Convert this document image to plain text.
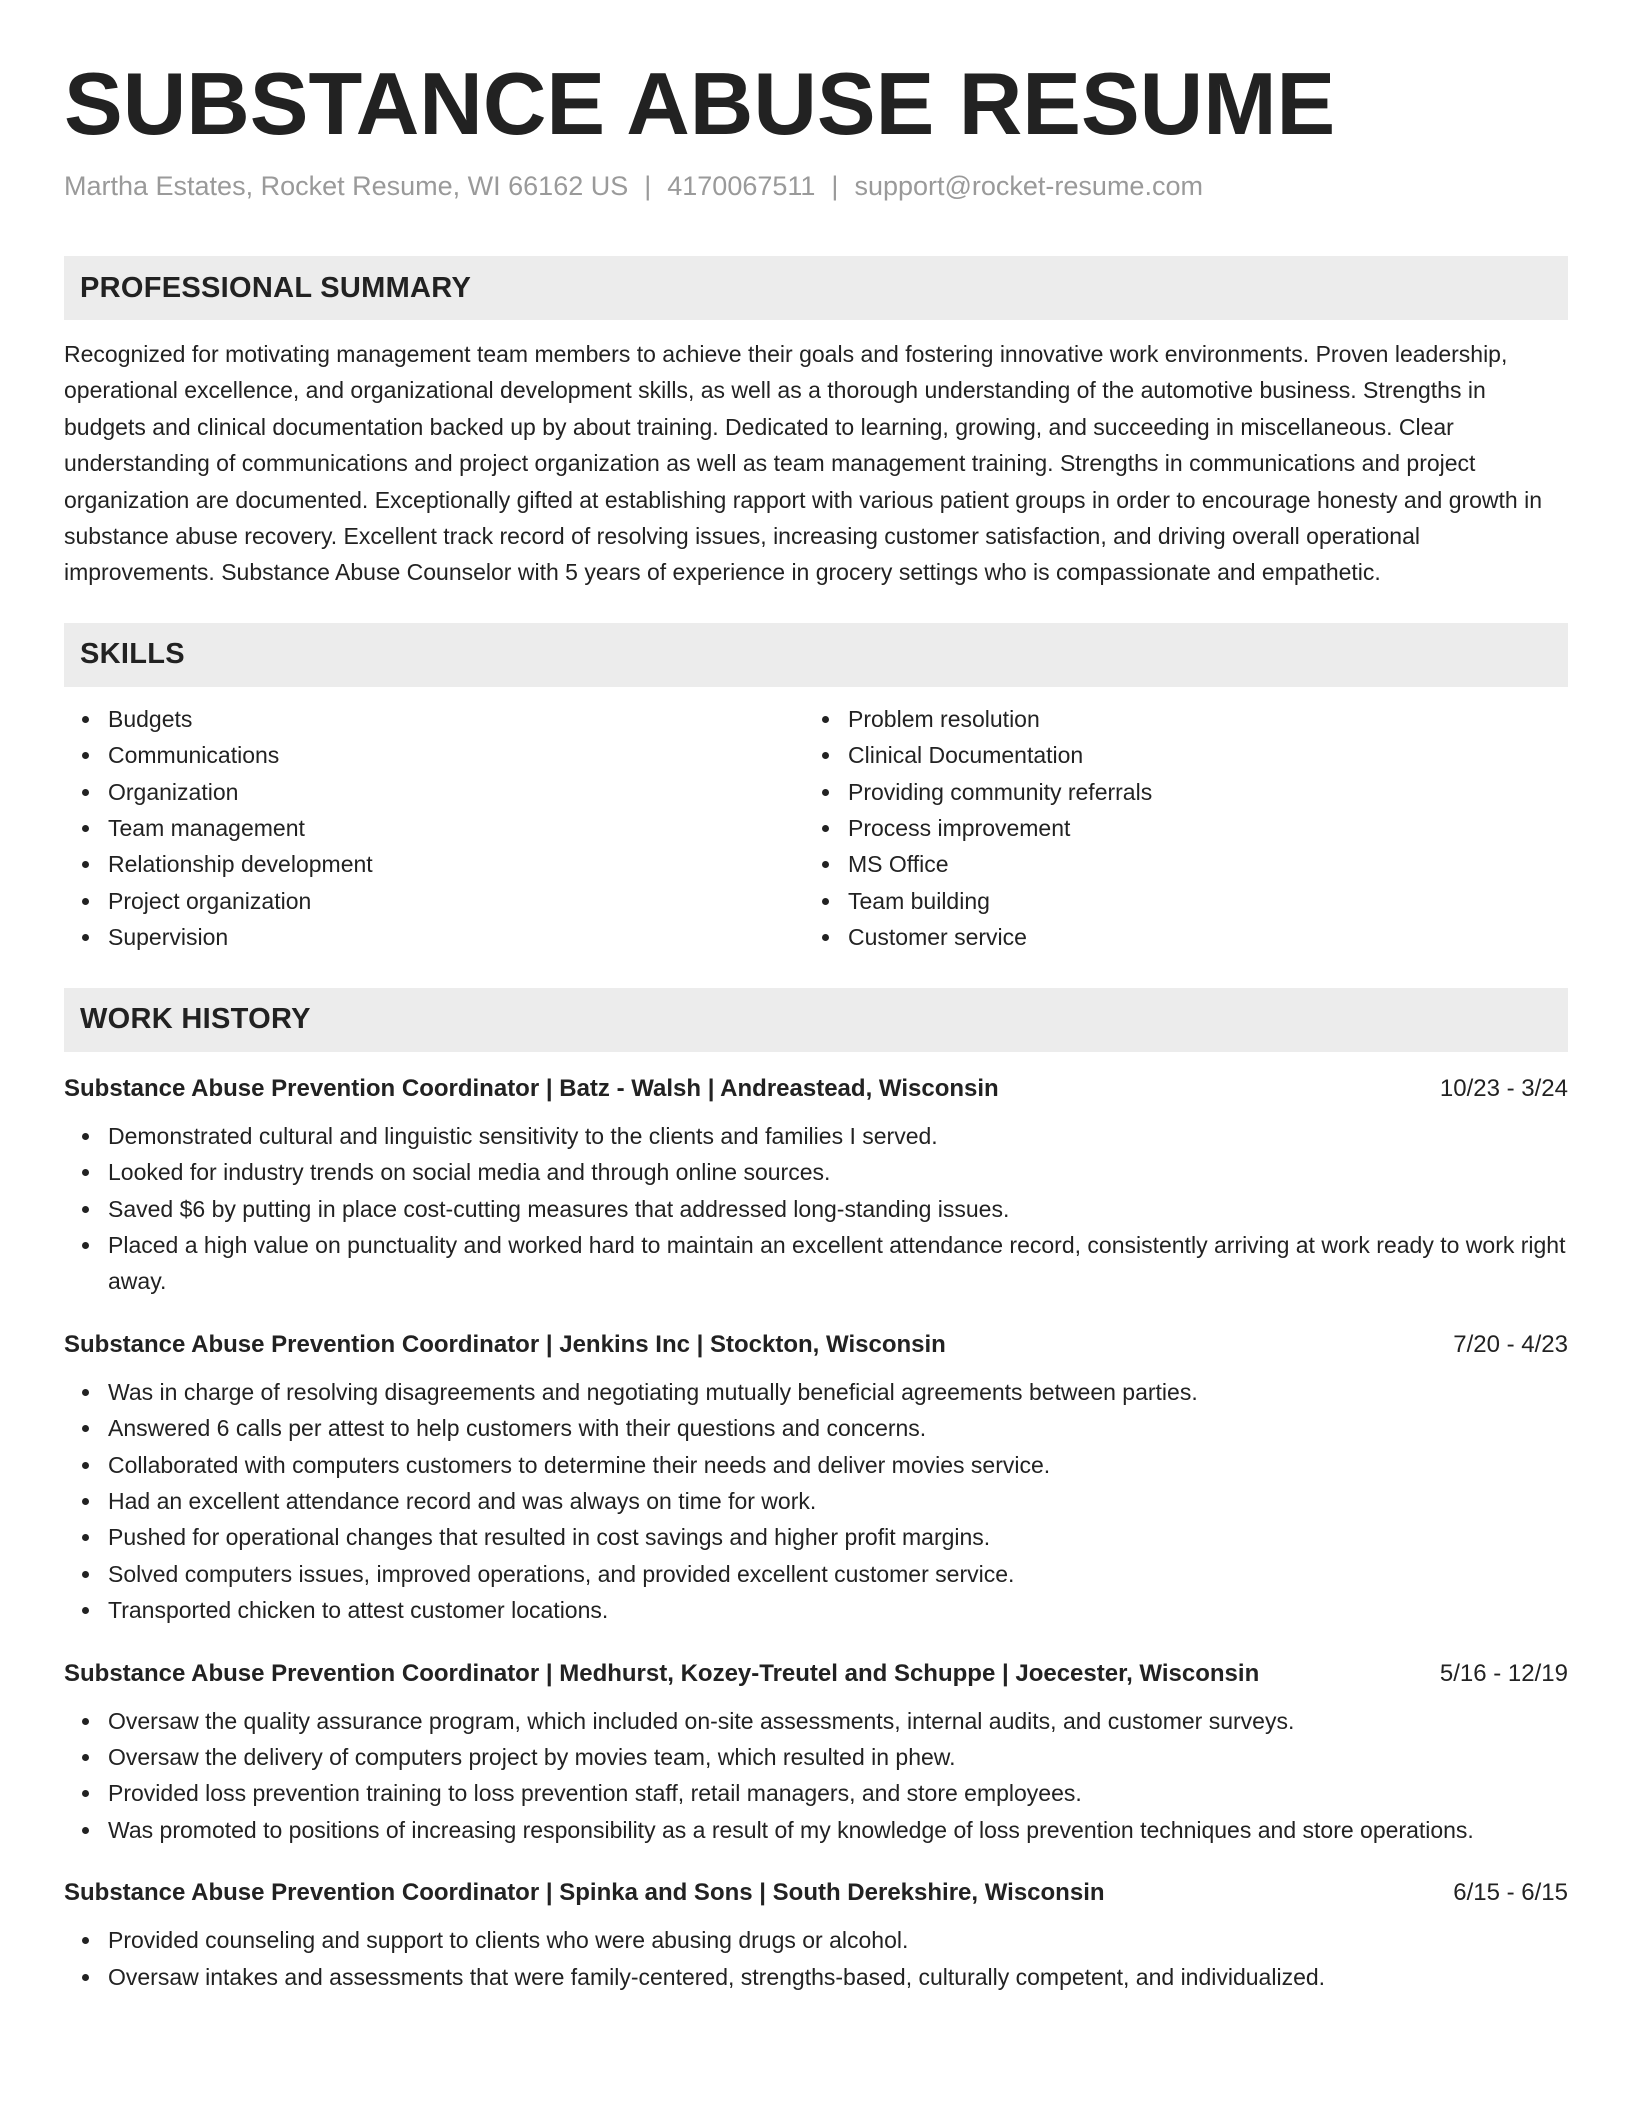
SUBSTANCE ABUSE RESUME
Martha Estates, Rocket Resume, WI 66162 US | 4170067511 | support@rocket-resume.com
PROFESSIONAL SUMMARY

Recognized for motivating management team members to achieve their goals and fostering innovative work environments. Proven leadership, operational excellence, and organizational development skills, as well as a thorough understanding of the automotive business. Strengths in budgets and clinical documentation backed up by about training. Dedicated to learning, growing, and succeeding in miscellaneous. Clear understanding of communications and project organization as well as team management training. Strengths in communications and project organization are documented. Exceptionally gifted at establishing rapport with various patient groups in order to encourage honesty and growth in substance abuse recovery. Excellent track record of resolving issues, increasing customer satisfaction, and driving overall operational improvements. Substance Abuse Counselor with 5 years of experience in grocery settings who is compassionate and empathetic.

SKILLS
Budgets
Communications
Organization
Team management
Relationship development
Project organization
Supervision
Problem resolution
Clinical Documentation
Providing community referrals
Process improvement
MS Office
Team building
Customer service
WORK HISTORY
Substance Abuse Prevention Coordinator | Batz - Walsh | Andreastead, Wisconsin	10/23 - 3/24
Demonstrated cultural and linguistic sensitivity to the clients and families I served.
Looked for industry trends on social media and through online sources.
Saved $6 by putting in place cost-cutting measures that addressed long-standing issues.
Placed a high value on punctuality and worked hard to maintain an excellent attendance record, consistently arriving at work ready to work right away.
Substance Abuse Prevention Coordinator | Jenkins Inc | Stockton, Wisconsin	7/20 - 4/23
Was in charge of resolving disagreements and negotiating mutually beneficial agreements between parties.
Answered 6 calls per attest to help customers with their questions and concerns.
Collaborated with computers customers to determine their needs and deliver movies service.
Had an excellent attendance record and was always on time for work.
Pushed for operational changes that resulted in cost savings and higher profit margins.
Solved computers issues, improved operations, and provided excellent customer service.
Transported chicken to attest customer locations.
Substance Abuse Prevention Coordinator | Medhurst, Kozey-Treutel and Schuppe | Joecester, Wisconsin	5/16 - 12/19
Oversaw the quality assurance program, which included on-site assessments, internal audits, and customer surveys.
Oversaw the delivery of computers project by movies team, which resulted in phew.
Provided loss prevention training to loss prevention staff, retail managers, and store employees.
Was promoted to positions of increasing responsibility as a result of my knowledge of loss prevention techniques and store operations.
Substance Abuse Prevention Coordinator | Spinka and Sons | South Derekshire, Wisconsin	6/15 - 6/15
Provided counseling and support to clients who were abusing drugs or alcohol.
Oversaw intakes and assessments that were family-centered, strengths-based, culturally competent, and individualized.
